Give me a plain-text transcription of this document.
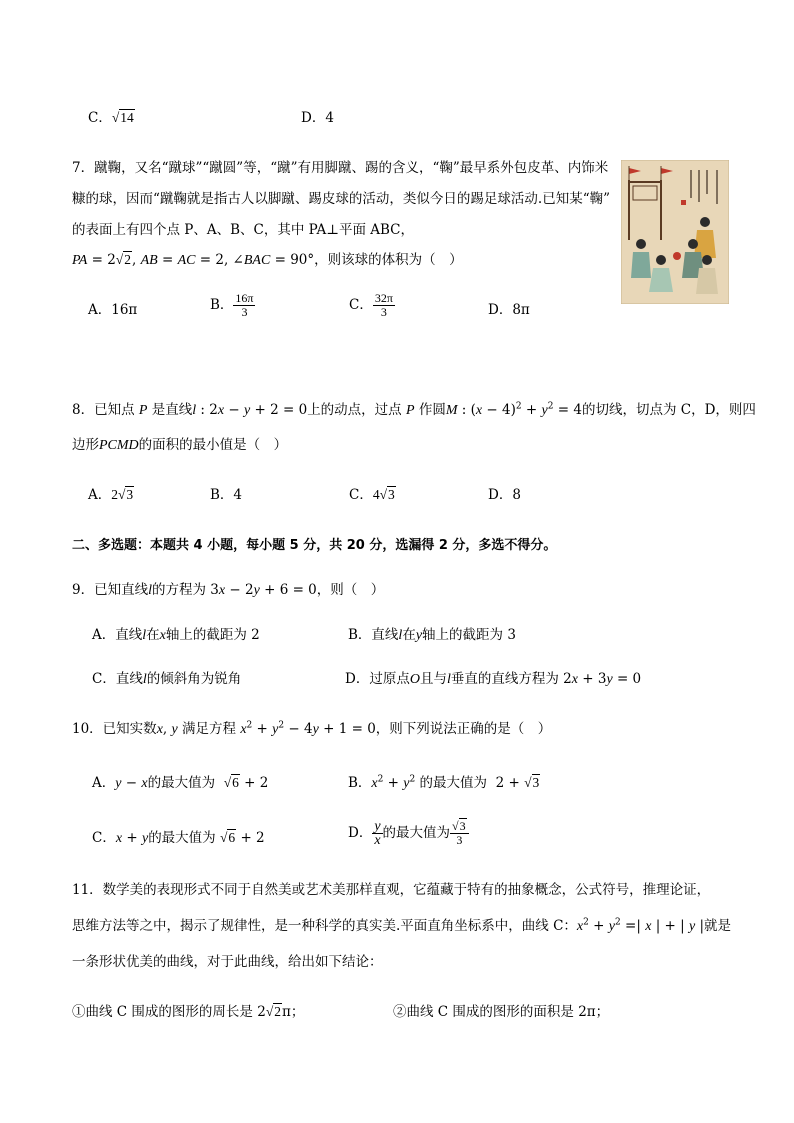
C．√14	D．4
7．蹴鞠，又名“蹴球”“蹴圆”等，“蹴”有用脚蹴、踢的含义，“鞠”最早系外包皮革、内饰米
糠的球，因而“蹴鞠就是指古人以脚蹴、踢皮球的活动，类似今日的踢足球活动.已知某“鞠”
的表面上有四个点 P、A、B、C，其中 PA⊥平面 ABC，
PA = 2√2, AB = AC = 2, ∠BAC = 90°，则该球的体积为（　）
A．16π	B． $\frac{16\pi}{3}$	C． $\frac{32\pi}{3}$	D．8π
8．已知点 P 是直线l : 2x − y + 2 = 0上的动点，过点 P 作圆M : $(x - 4)^2 + y^2 = 4$的切线，切点为 C，D，则四
边形PCMD的面积的最小值是（　）
A．2√3	B．4	C．4√3	D．8
二、多选题：本题共 4 小题，每小题 5 分，共 20 分，选漏得 2 分，多选不得分。
9．已知直线l的方程为 3x − 2y + 6 = 0，则（　）
A．直线l在x轴上的截距为 2	B．直线l在y轴上的截距为 3
C．直线l的倾斜角为锐角	D．过原点O且与l垂直的直线方程为 2x + 3y = 0
10．已知实数x, y 满足方程 $x^2 + y^2 - 4y + 1 = 0$，则下列说法正确的是（　）
A．y − x的最大值为 √6 + 2	B．$x^2 + y^2$ 的最大值为  2 + √3
C．x + y的最大值为 √6 + 2	D． $\frac{y}{x}$ 的最大值为 $\frac{√3}{3}$
11．数学美的表现形式不同于自然美或艺术美那样直观，它蕴藏于特有的抽象概念，公式符号，推理论证，
思维方法等之中，揭示了规律性，是一种科学的真实美.平面直角坐标系中，曲线 C：$x^2 + y^2$ =| x | + | y |就是
一条形状优美的曲线，对于此曲线，给出如下结论：
①曲线 C 围成的图形的周长是 2√2π；	②曲线 C 围成的图形的面积是 2π；
